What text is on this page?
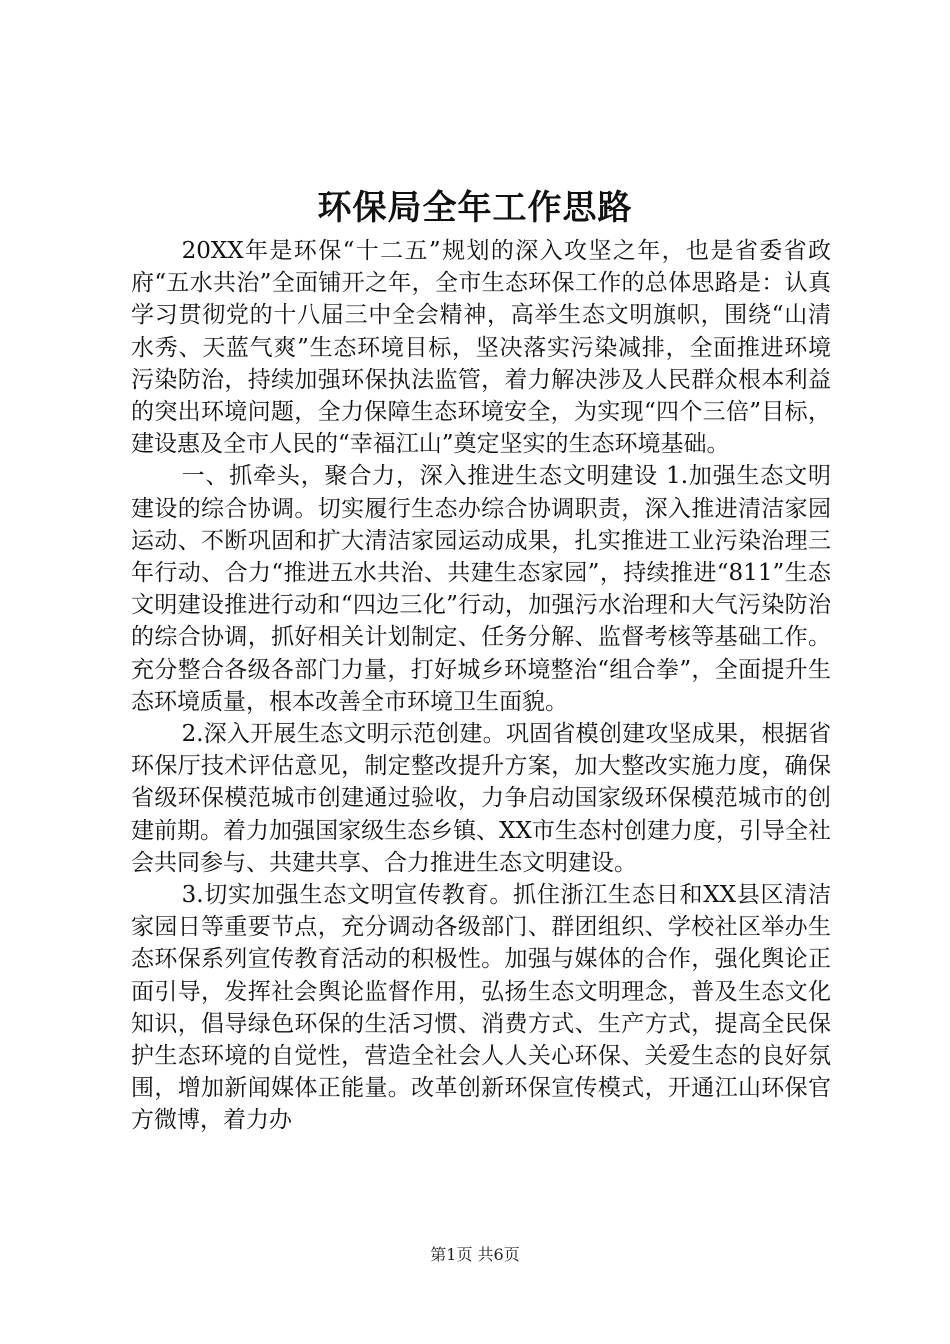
环保局全年工作思路

20XX年是环保“十二五”规划的深入攻坚之年，也是省委省政府“五水共治”全面铺开之年，全市生态环保工作的总体思路是：认真学习贯彻党的十八届三中全会精神，高举生态文明旗帜，围绕“山清水秀、天蓝气爽”生态环境目标，坚决落实污染减排，全面推进环境污染防治，持续加强环保执法监管，着力解决涉及人民群众根本利益的突出环境问题，全力保障生态环境安全，为实现“四个三倍”目标，建设惠及全市人民的“幸福江山”奠定坚实的生态环境基础。

一、抓牵头，聚合力，深入推进生态文明建设 1.加强生态文明建设的综合协调。切实履行生态办综合协调职责，深入推进清洁家园运动、不断巩固和扩大清洁家园运动成果，扎实推进工业污染治理三年行动、合力“推进五水共治、共建生态家园”，持续推进“811”生态文明建设推进行动和“四边三化”行动，加强污水治理和大气污染防治的综合协调，抓好相关计划制定、任务分解、监督考核等基础工作。充分整合各级各部门力量，打好城乡环境整治“组合拳”，全面提升生态环境质量，根本改善全市环境卫生面貌。

2.深入开展生态文明示范创建。巩固省模创建攻坚成果，根据省环保厅技术评估意见，制定整改提升方案，加大整改实施力度，确保省级环保模范城市创建通过验收，力争启动国家级环保模范城市的创建前期。着力加强国家级生态乡镇、XX市生态村创建力度，引导全社会共同参与、共建共享、合力推进生态文明建设。

3.切实加强生态文明宣传教育。抓住浙江生态日和XX县区清洁家园日等重要节点，充分调动各级部门、群团组织、学校社区举办生态环保系列宣传教育活动的积极性。加强与媒体的合作，强化舆论正面引导，发挥社会舆论监督作用，弘扬生态文明理念，普及生态文化知识，倡导绿色环保的生活习惯、消费方式、生产方式，提高全民保护生态环境的自觉性，营造全社会人人关心环保、关爱生态的良好氛围，增加新闻媒体正能量。改革创新环保宣传模式，开通江山环保官方微博，着力办

第1页 共6页
